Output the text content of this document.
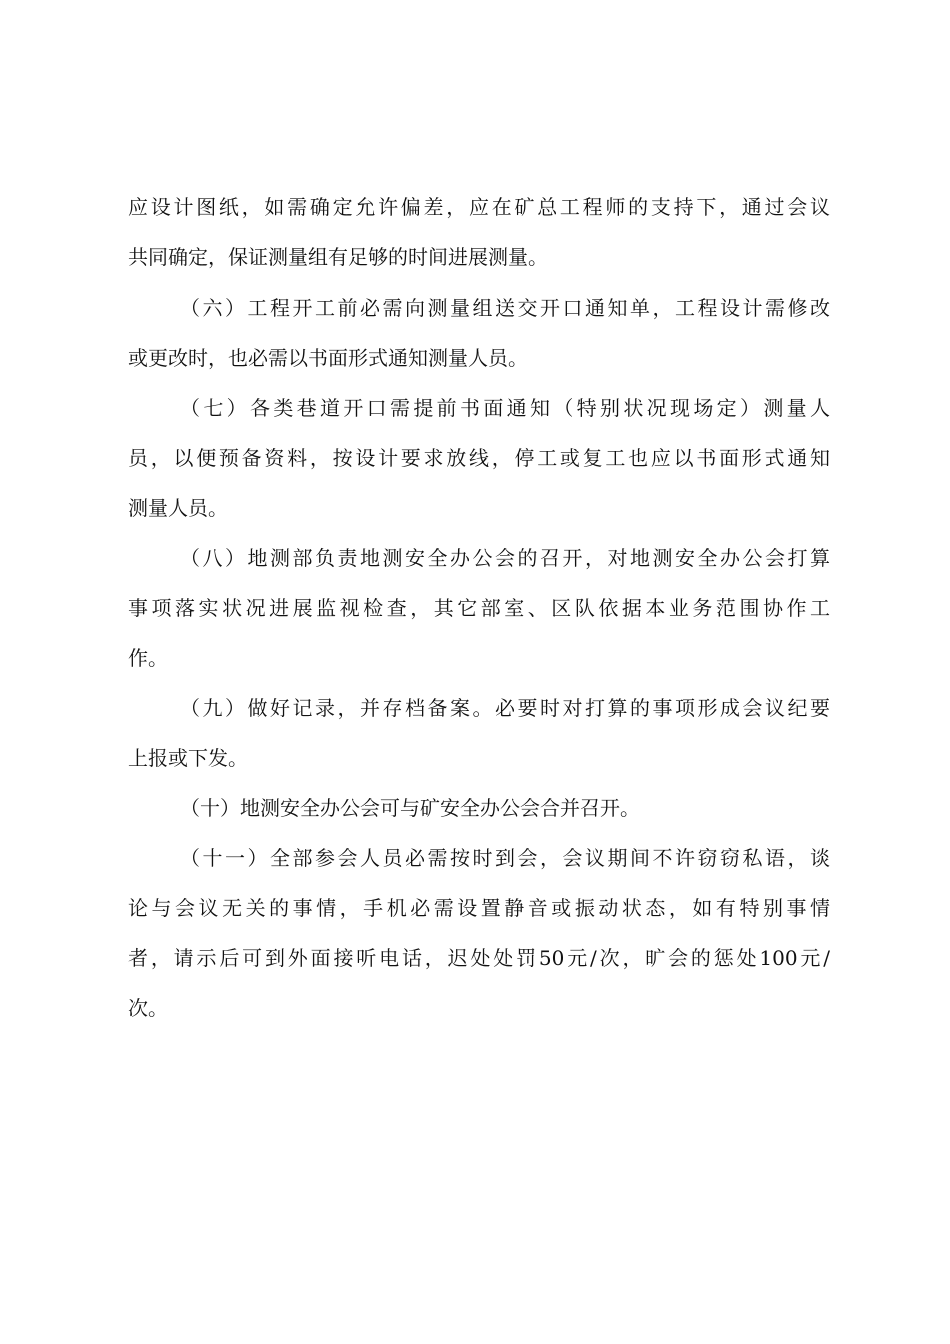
应设计图纸，如需确定允许偏差，应在矿总工程师的支持下，通过会议
共同确定，保证测量组有足够的时间进展测量。
（六）工程开工前必需向测量组送交开口通知单，工程设计需修改
或更改时，也必需以书面形式通知测量人员。
（七）各类巷道开口需提前书面通知（特别状况现场定）测量人
员，以便预备资料，按设计要求放线，停工或复工也应以书面形式通知
测量人员。
（八）地测部负责地测安全办公会的召开，对地测安全办公会打算
事项落实状况进展监视检查，其它部室、区队依据本业务范围协作工
作。
（九）做好记录，并存档备案。必要时对打算的事项形成会议纪要
上报或下发。
（十）地测安全办公会可与矿安全办公会合并召开。
（十一）全部参会人员必需按时到会，会议期间不许窃窃私语，谈
论与会议无关的事情，手机必需设置静音或振动状态，如有特别事情
者，请示后可到外面接听电话，迟处处罚50元/次，旷会的惩处100元/
次。
